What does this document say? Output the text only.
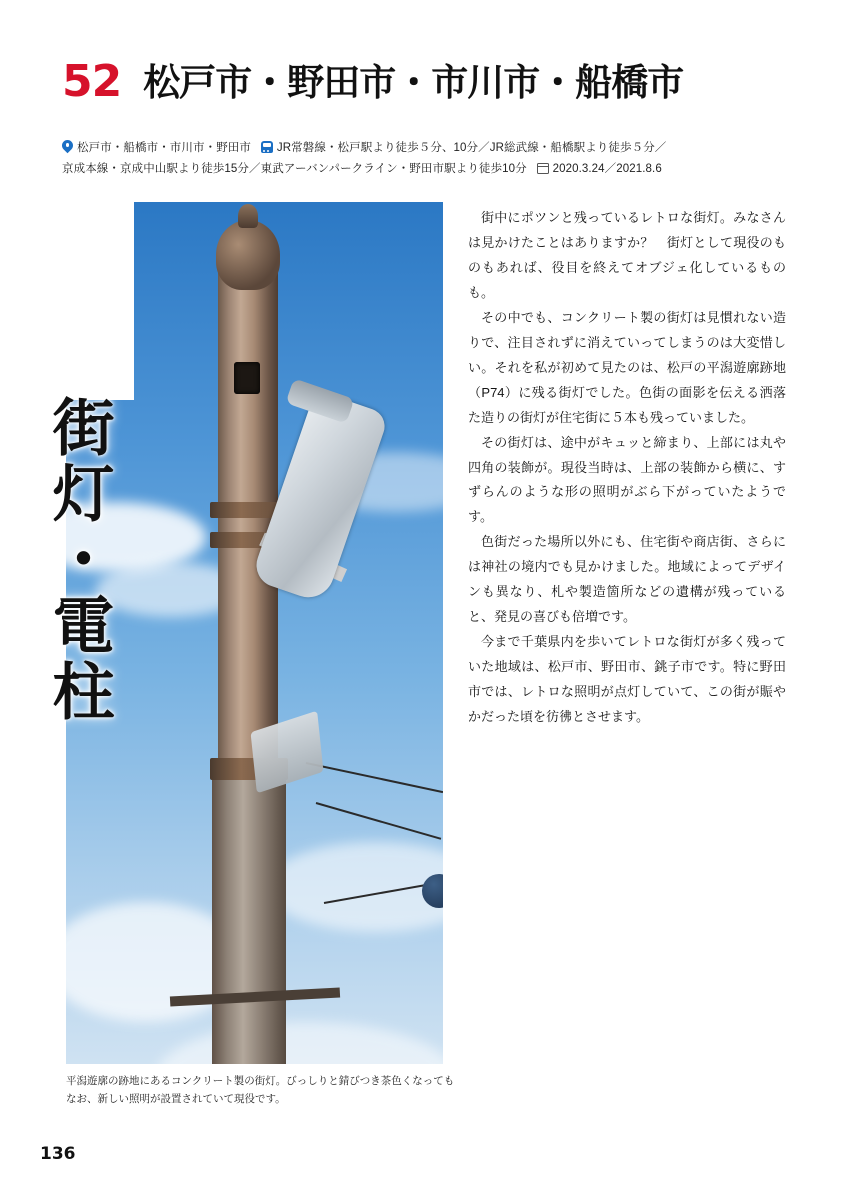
52 松戸市・野田市・市川市・船橋市
松戸市・船橋市・市川市・野田市 JR常磐線・松戸駅より徒歩５分、10分／JR総武線・船橋駅より徒歩５分／
京成本線・京成中山駅より徒歩15分／東武アーバンパークライン・野田市駅より徒歩10分 2020.3.24／2021.8.6
街灯・電柱
平潟遊廓の跡地にあるコンクリート製の街灯。びっしりと錆びつき茶色くなってもなお、新しい照明が設置されていて現役です。

街中にポツンと残っているレトロな街灯。みなさんは見かけたことはありますか？　街灯として現役のものもあれば、役目を終えてオブジェ化しているものも。

その中でも、コンクリート製の街灯は見慣れない造りで、注目されずに消えていってしまうのは大変惜しい。それを私が初めて見たのは、松戸の平潟遊廓跡地（P74）に残る街灯でした。色街の面影を伝える洒落た造りの街灯が住宅街に５本も残っていました。

その街灯は、途中がキュッと締まり、上部には丸や四角の装飾が。現役当時は、上部の装飾から横に、すずらんのような形の照明がぶら下がっていたようです。

色街だった場所以外にも、住宅街や商店街、さらには神社の境内でも見かけました。地域によってデザインも異なり、札や製造箇所などの遺構が残っていると、発見の喜びも倍増です。

今まで千葉県内を歩いてレトロな街灯が多く残っていた地域は、松戸市、野田市、銚子市です。特に野田市では、レトロな照明が点灯していて、この街が賑やかだった頃を彷彿とさせます。

136
